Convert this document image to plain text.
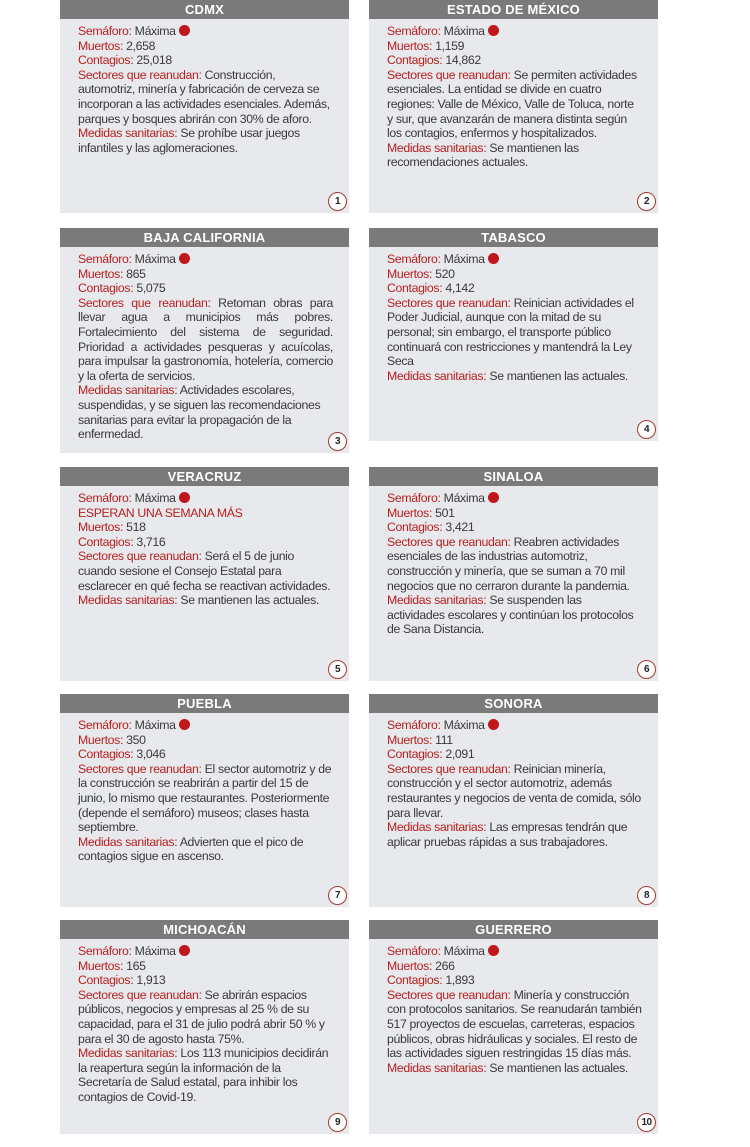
CDMX

Semáforo: Máxima

Muertos: 2,658

Contagios: 25,018

Sectores que reanudan: Construcción, automotriz, minería y fabricación de cerveza se incorporan a las actividades esenciales. Además, parques y bosques abrirán con 30% de aforo.

Medidas sanitarias: Se prohíbe usar juegos infantiles y las aglomeraciones.

1
ESTADO DE MÉXICO

Semáforo: Máxima

Muertos: 1,159

Contagios: 14,862

Sectores que reanudan: Se permiten actividades esenciales. La entidad se divide en cuatro regiones: Valle de México, Valle de Toluca, norte y sur, que avanzarán de manera distinta según los contagios, enfermos y hospitalizados.

Medidas sanitarias: Se mantienen las recomendaciones actuales.

2
BAJA CALIFORNIA

Semáforo: Máxima

Muertos: 865

Contagios: 5,075

Sectores que reanudan: Retoman obras para llevar agua a municipios más pobres. Fortalecimiento del sistema de seguridad. Prioridad a actividades pesqueras y acuícolas, para impulsar la gastronomía, hotelería, comercio y la oferta de servicios.

Medidas sanitarias: Actividades escolares, suspendidas, y se siguen las recomendaciones sanitarias para evitar la propagación de la enfermedad.

3
TABASCO

Semáforo: Máxima

Muertos: 520

Contagios: 4,142

Sectores que reanudan: Reinician actividades el Poder Judicial, aunque con la mitad de su personal; sin embargo, el transporte público continuará con restricciones y mantendrá la Ley Seca

Medidas sanitarias: Se mantienen las actuales.

4
VERACRUZ

Semáforo: Máxima

ESPERAN UNA SEMANA MÁS

Muertos: 518

Contagios: 3,716

Sectores que reanudan: Será el 5 de junio cuando sesione el Consejo Estatal para esclarecer en qué fecha se reactivan actividades.

Medidas sanitarias: Se mantienen las actuales.

5
SINALOA

Semáforo: Máxima

Muertos: 501

Contagios: 3,421

Sectores que reanudan: Reabren actividades esenciales de las industrias automotriz, construcción y minería, que se suman a 70 mil negocios que no cerraron durante la pandemia.

Medidas sanitarias: Se suspenden las actividades escolares y continúan los protocolos de Sana Distancia.

6
PUEBLA

Semáforo: Máxima

Muertos: 350

Contagios: 3,046

Sectores que reanudan: El sector automotriz y de la construcción se reabrirán a partir del 15 de junio, lo mismo que restaurantes. Posteriormente (depende el semáforo) museos; clases hasta septiembre.

Medidas sanitarias: Advierten que el pico de contagios sigue en ascenso.

7
SONORA

Semáforo: Máxima

Muertos: 111

Contagios: 2,091

Sectores que reanudan: Reinician minería, construcción y el sector automotriz, además restaurantes y negocios de venta de comida, sólo para llevar.

Medidas sanitarias: Las empresas tendrán que aplicar pruebas rápidas a sus trabajadores.

8
MICHOACÁN

Semáforo: Máxima

Muertos: 165

Contagios: 1,913

Sectores que reanudan: Se abrirán espacios públicos, negocios y empresas al 25 % de su capacidad, para el 31 de julio podrá abrir 50 % y para el 30 de agosto hasta 75%.

Medidas sanitarias: Los 113 municipios decidirán la reapertura según la información de la Secretaría de Salud estatal, para inhibir los contagios de Covid-19.

9
GUERRERO

Semáforo: Máxima

Muertos: 266

Contagios: 1,893

Sectores que reanudan: Minería y construcción con protocolos sanitarios. Se reanudarán también 517 proyectos de escuelas, carreteras, espacios públicos, obras hidráulicas y sociales. El resto de las actividades siguen restringidas 15 días más.

Medidas sanitarias: Se mantienen las actuales.

10
